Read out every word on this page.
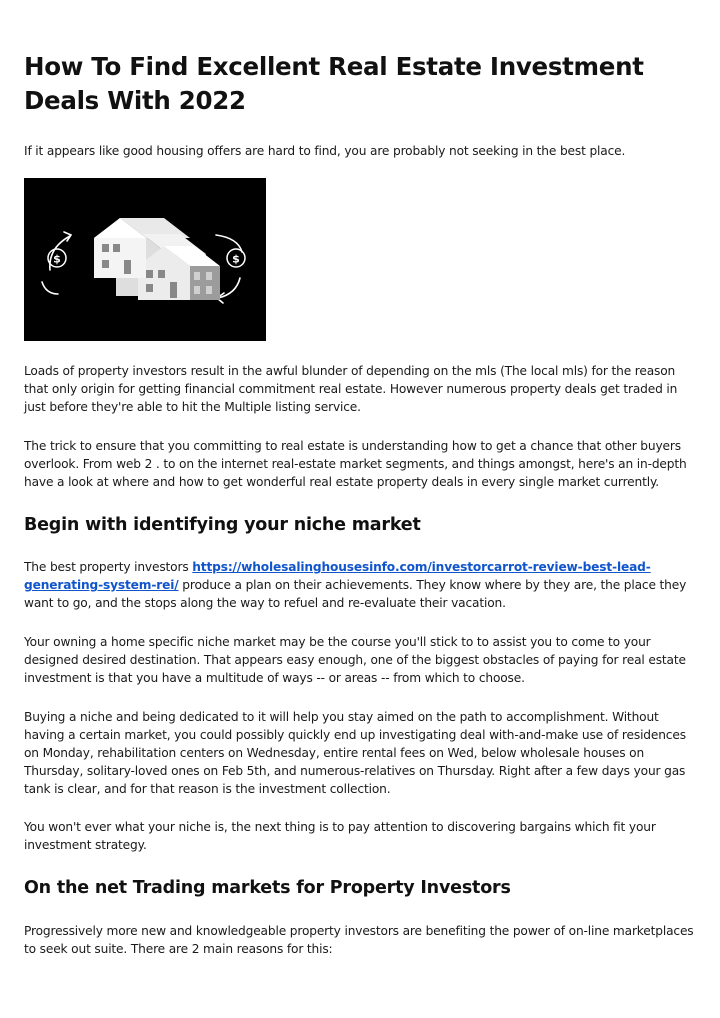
How To Find Excellent Real Estate Investment Deals With 2022

If it appears like good housing offers are hard to find, you are probably not seeking in the best place.

$	$

Loads of property investors result in the awful blunder of depending on the mls (The local mls) for the reason that only origin for getting financial commitment real estate. However numerous property deals get traded in just before they're able to hit the Multiple listing service.

The trick to ensure that you committing to real estate is understanding how to get a chance that other buyers overlook. From web 2 . to on the internet real-estate market segments, and things amongst, here's an in-depth have a look at where and how to get wonderful real estate property deals in every single market currently.

Begin with identifying your niche market

The best property investors https://wholesalinghousesinfo.com/investorcarrot-review-best-lead-generating-system-rei/ produce a plan on their achievements. They know where by they are, the place they want to go, and the stops along the way to refuel and re-evaluate their vacation.

Your owning a home specific niche market may be the course you'll stick to to assist you to come to your designed desired destination. That appears easy enough, one of the biggest obstacles of paying for real estate investment is that you have a multitude of ways -- or areas -- from which to choose.

Buying a niche and being dedicated to it will help you stay aimed on the path to accomplishment. Without having a certain market, you could possibly quickly end up investigating deal with-and-make use of residences on Monday, rehabilitation centers on Wednesday, entire rental fees on Wed, below wholesale houses on Thursday, solitary-loved ones on Feb 5th, and numerous-relatives on Thursday. Right after a few days your gas tank is clear, and for that reason is the investment collection.

You won't ever what your niche is, the next thing is to pay attention to discovering bargains which fit your investment strategy.

On the net Trading markets for Property Investors

Progressively more new and knowledgeable property investors are benefiting the power of on-line marketplaces to seek out suite. There are 2 main reasons for this:
